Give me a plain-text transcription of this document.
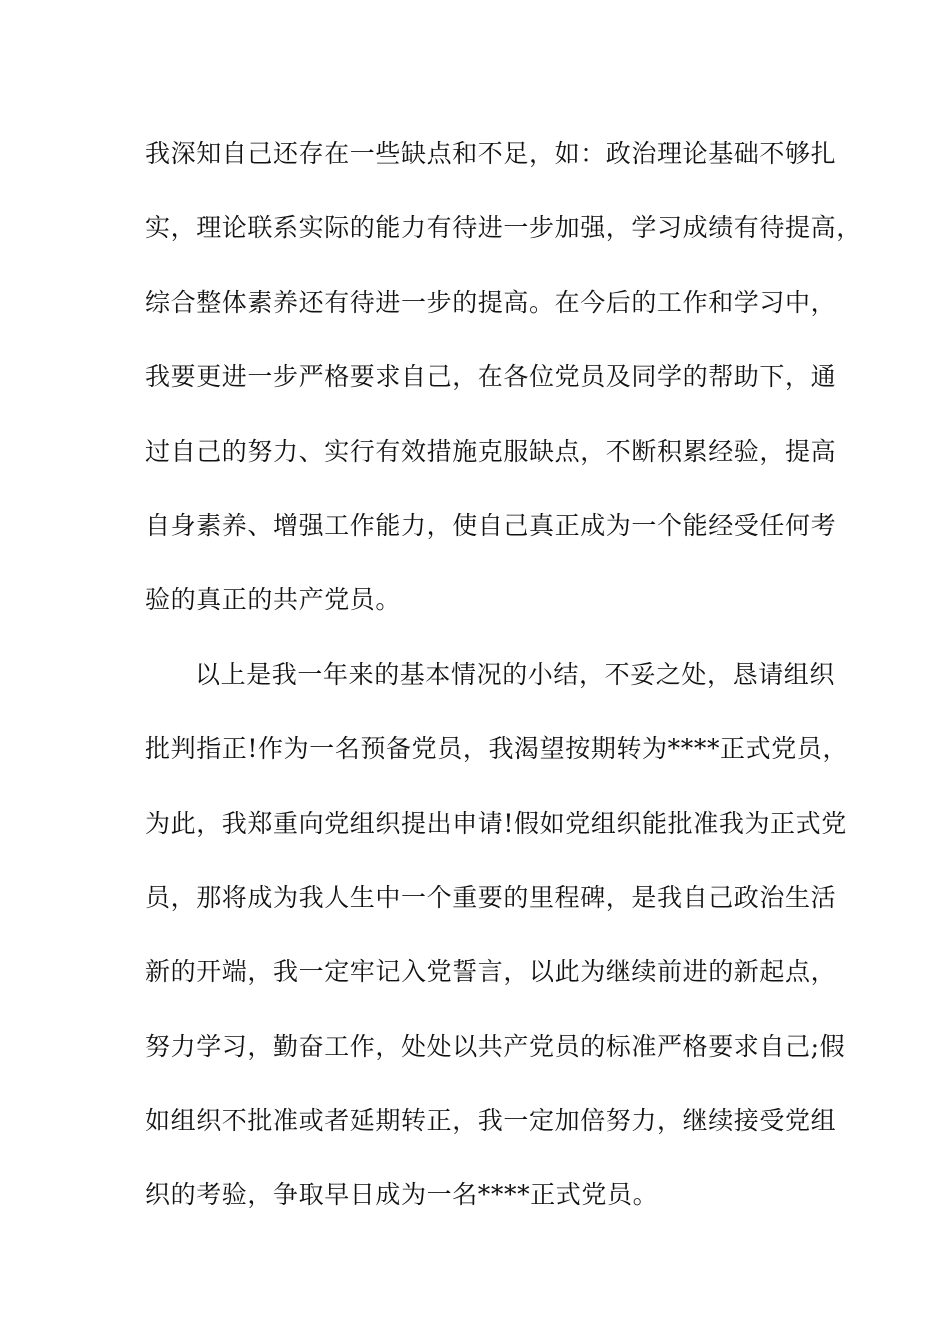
我深知自己还存在一些缺点和不足，如：政治理论基础不够扎
实，理论联系实际的能力有待进一步加强，学习成绩有待提高，
综合整体素养还有待进一步的提高。在今后的工作和学习中，
我要更进一步严格要求自己，在各位党员及同学的帮助下，通
过自己的努力、实行有效措施克服缺点，不断积累经验，提高
自身素养、增强工作能力，使自己真正成为一个能经受任何考
验的真正的共产党员。
以上是我一年来的基本情况的小结，不妥之处，恳请组织
批判指正!作为一名预备党员，我渴望按期转为****正式党员，
为此，我郑重向党组织提出申请!假如党组织能批准我为正式党
员，那将成为我人生中一个重要的里程碑，是我自己政治生活
新的开端，我一定牢记入党誓言，以此为继续前进的新起点，
努力学习，勤奋工作，处处以共产党员的标准严格要求自己;假
如组织不批准或者延期转正，我一定加倍努力，继续接受党组
织的考验，争取早日成为一名****正式党员。
